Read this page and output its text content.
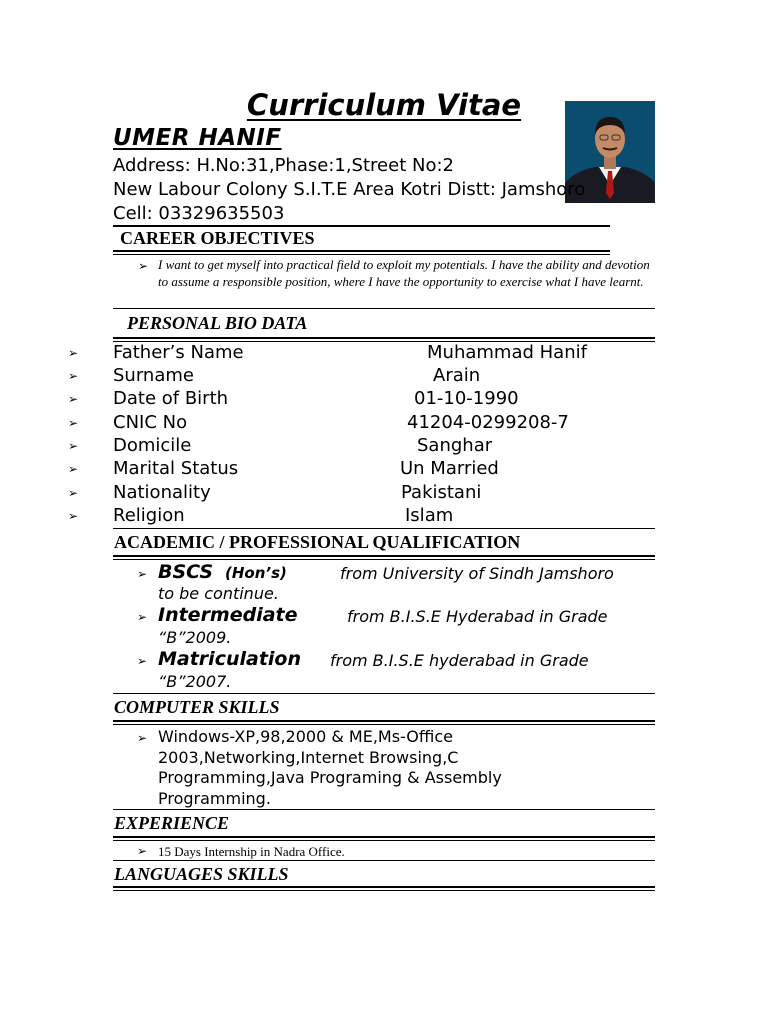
Curriculum Vitae
UMER HANIF
Address: H.No:31,Phase:1,Street No:2
New Labour Colony S.I.T.E Area Kotri Distt: Jamshoro
Cell: 03329635503
CAREER OBJECTIVES
➢ I want to get myself into practical field to exploit my potentials. I have the ability and devotion to assume a responsible position, where I have the opportunity to exercise what I have learnt.
PERSONAL BIO DATA
➢ Father’s Name	Muhammad Hanif
➢ Surname	Arain
➢ Date of Birth	01-10-1990
➢ CNIC No	41204-0299208-7
➢ Domicile	Sanghar
➢ Marital Status	Un Married
➢ Nationality	Pakistani
➢ Religion	Islam
ACADEMIC / PROFESSIONAL QUALIFICATION
➢ BSCS (Hon’s)	from University of Sindh Jamshoro
to be continue.
➢ Intermediate	from B.I.S.E Hyderabad in Grade
“B”2009.
➢ Matriculation from B.I.S.E hyderabad in Grade
“B”2007.
COMPUTER SKILLS
➢ Windows-XP,98,2000 & ME,Ms-Office 2003,Networking,Internet Browsing,C Programming,Java Programing & Assembly Programming.
EXPERIENCE
➢ 15 Days Internship in Nadra Office.
LANGUAGES SKILLS
